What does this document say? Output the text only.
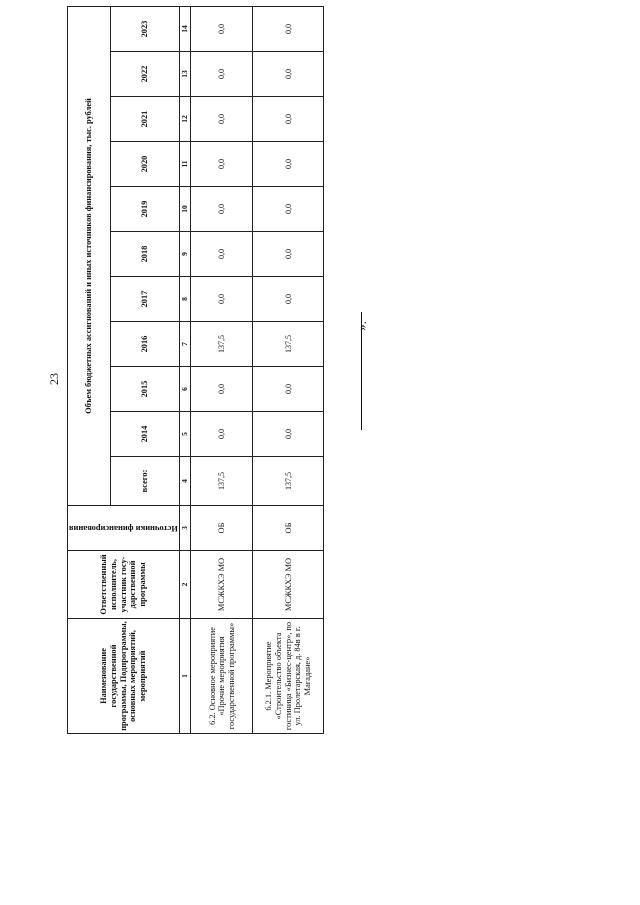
23
Наименование государственной программы, Подпрограммы, основных мероприятий, мероприятий	Ответственный исполнитель, участник госу-дарственной программы	Источники финансирования	Объем бюджетных ассигнований и иных источников финансирования, тыс. рублей										
			всего:	2014	2015	2016	2017	2018	2019	2020	2021	2022	2023
1	2	3	4	5	6	7	8	9	10	11	12	13	14
6.2. Основное мероприятие «Прочие мероприятия государственной программы»	МСЖКХЭ МО	ОБ	137,5	0,0	0,0	137,5	0,0	0,0	0,0	0,0	0,0	0,0	0,0
6.2.1. Мероприятие «Строительство объекта гостиница «Бизнес-центр», по ул. Пролетарская, д. 84в в г. Магадане»	МСЖКХЭ МО	ОБ	137,5	0,0	0,0	137,5	0,0	0,0	0,0	0,0	0,0	0,0	0,0
».
